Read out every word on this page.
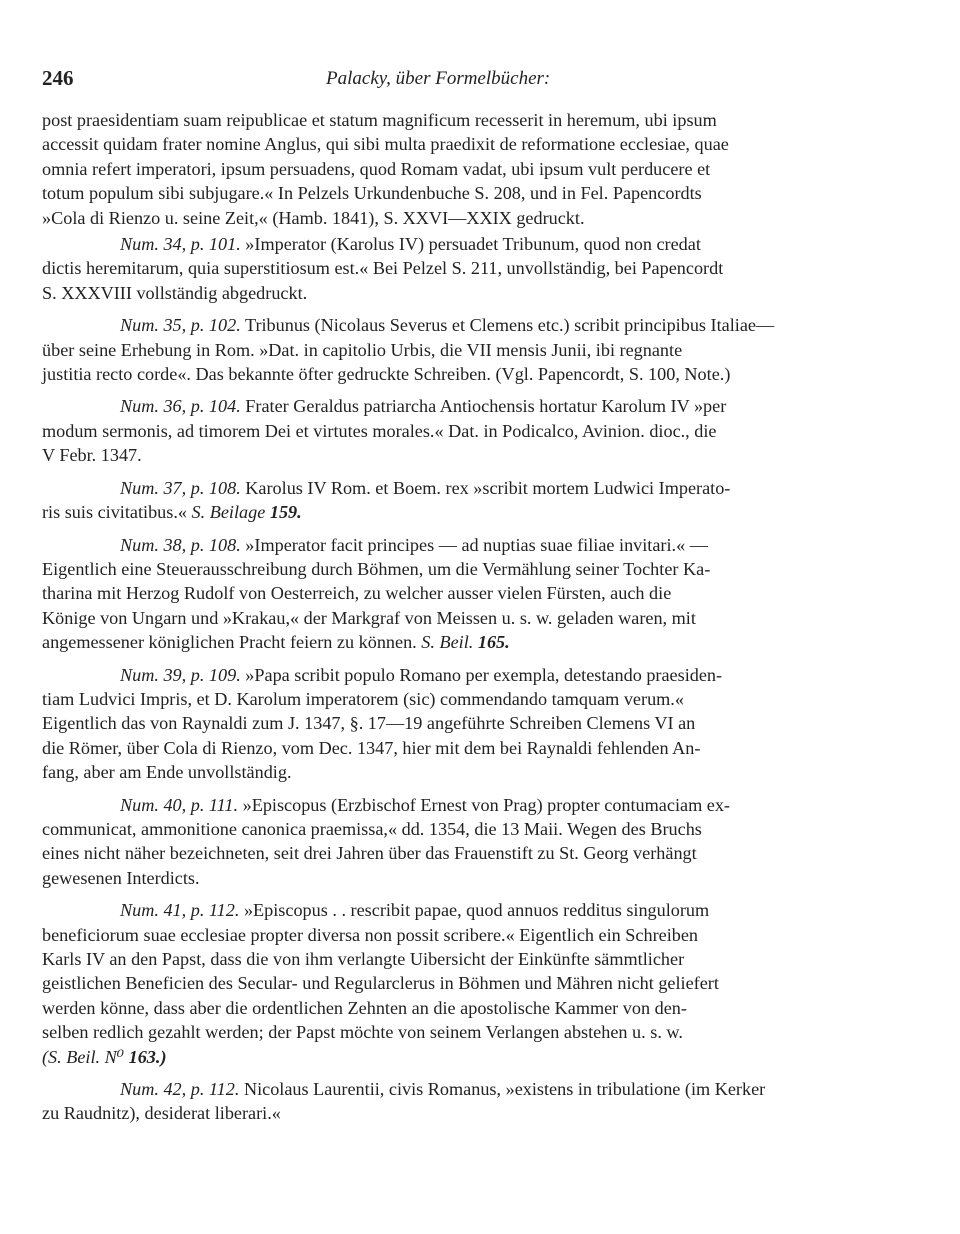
246	Palacky, über Formelbücher:

post praesidentiam suam reipublicae et statum magnificum recesserit in heremum, ubi ipsum
accessit quidam frater nomine Anglus, qui sibi multa praedixit de reformatione ecclesiae, quae
omnia refert imperatori, ipsum persuadens, quod Romam vadat, ubi ipsum vult perducere et
totum populum sibi subjugare.« In Pelzels Urkundenbuche S. 208, und in Fel. Papencordts
»Cola di Rienzo u. seine Zeit,« (Hamb. 1841), S. XXVI—XXIX gedruckt.

Num. 34, p. 101. »Imperator (Karolus IV) persuadet Tribunum, quod non credat
dictis heremitarum, quia superstitiosum est.« Bei Pelzel S. 211, unvollständig, bei Papencordt
S. XXXVIII vollständig abgedruckt.

Num. 35, p. 102. Tribunus (Nicolaus Severus et Clemens etc.) scribit principibus Italiae—
über seine Erhebung in Rom. »Dat. in capitolio Urbis, die VII mensis Junii, ibi regnante
justitia recto corde«. Das bekannte öfter gedruckte Schreiben. (Vgl. Papencordt, S. 100, Note.)

Num. 36, p. 104. Frater Geraldus patriarcha Antiochensis hortatur Karolum IV »per
modum sermonis, ad timorem Dei et virtutes morales.« Dat. in Podicalco, Avinion. dioc., die
V Febr. 1347.

Num. 37, p. 108. Karolus IV Rom. et Boem. rex »scribit mortem Ludwici Imperato-
ris suis civitatibus.« S. Beilage 159.

Num. 38, p. 108. »Imperator facit principes — ad nuptias suae filiae invitari.« —
Eigentlich eine Steuerausschreibung durch Böhmen, um die Vermählung seiner Tochter Ka-
tharina mit Herzog Rudolf von Oesterreich, zu welcher ausser vielen Fürsten, auch die
Könige von Ungarn und »Krakau,« der Markgraf von Meissen u. s. w. geladen waren, mit
angemessener königlichen Pracht feiern zu können. S. Beil. 165.

Num. 39, p. 109. »Papa scribit populo Romano per exempla, detestando praesiden-
tiam Ludvici Impris, et D. Karolum imperatorem (sic) commendando tamquam verum.«
Eigentlich das von Raynaldi zum J. 1347, §. 17—19 angeführte Schreiben Clemens VI an
die Römer, über Cola di Rienzo, vom Dec. 1347, hier mit dem bei Raynaldi fehlenden An-
fang, aber am Ende unvollständig.

Num. 40, p. 111. »Episcopus (Erzbischof Ernest von Prag) propter contumaciam ex-
communicat, ammonitione canonica praemissa,« dd. 1354, die 13 Maii. Wegen des Bruchs
eines nicht näher bezeichneten, seit drei Jahren über das Frauenstift zu St. Georg verhängt
gewesenen Interdicts.

Num. 41, p. 112. »Episcopus . . rescribit papae, quod annuos redditus singulorum
beneficiorum suae ecclesiae propter diversa non possit scribere.« Eigentlich ein Schreiben
Karls IV an den Papst, dass die von ihm verlangte Uibersicht der Einkünfte sämmtlicher
geistlichen Beneficien des Secular- und Regularclerus in Böhmen und Mähren nicht geliefert
werden könne, dass aber die ordentlichen Zehnten an die apostolische Kammer von den-
selben redlich gezahlt werden; der Papst möchte von seinem Verlangen abstehen u. s. w.
(S. Beil. N⁰ 163.)

Num. 42, p. 112. Nicolaus Laurentii, civis Romanus, »existens in tribulatione (im Kerker
zu Raudnitz), desiderat liberari.«
